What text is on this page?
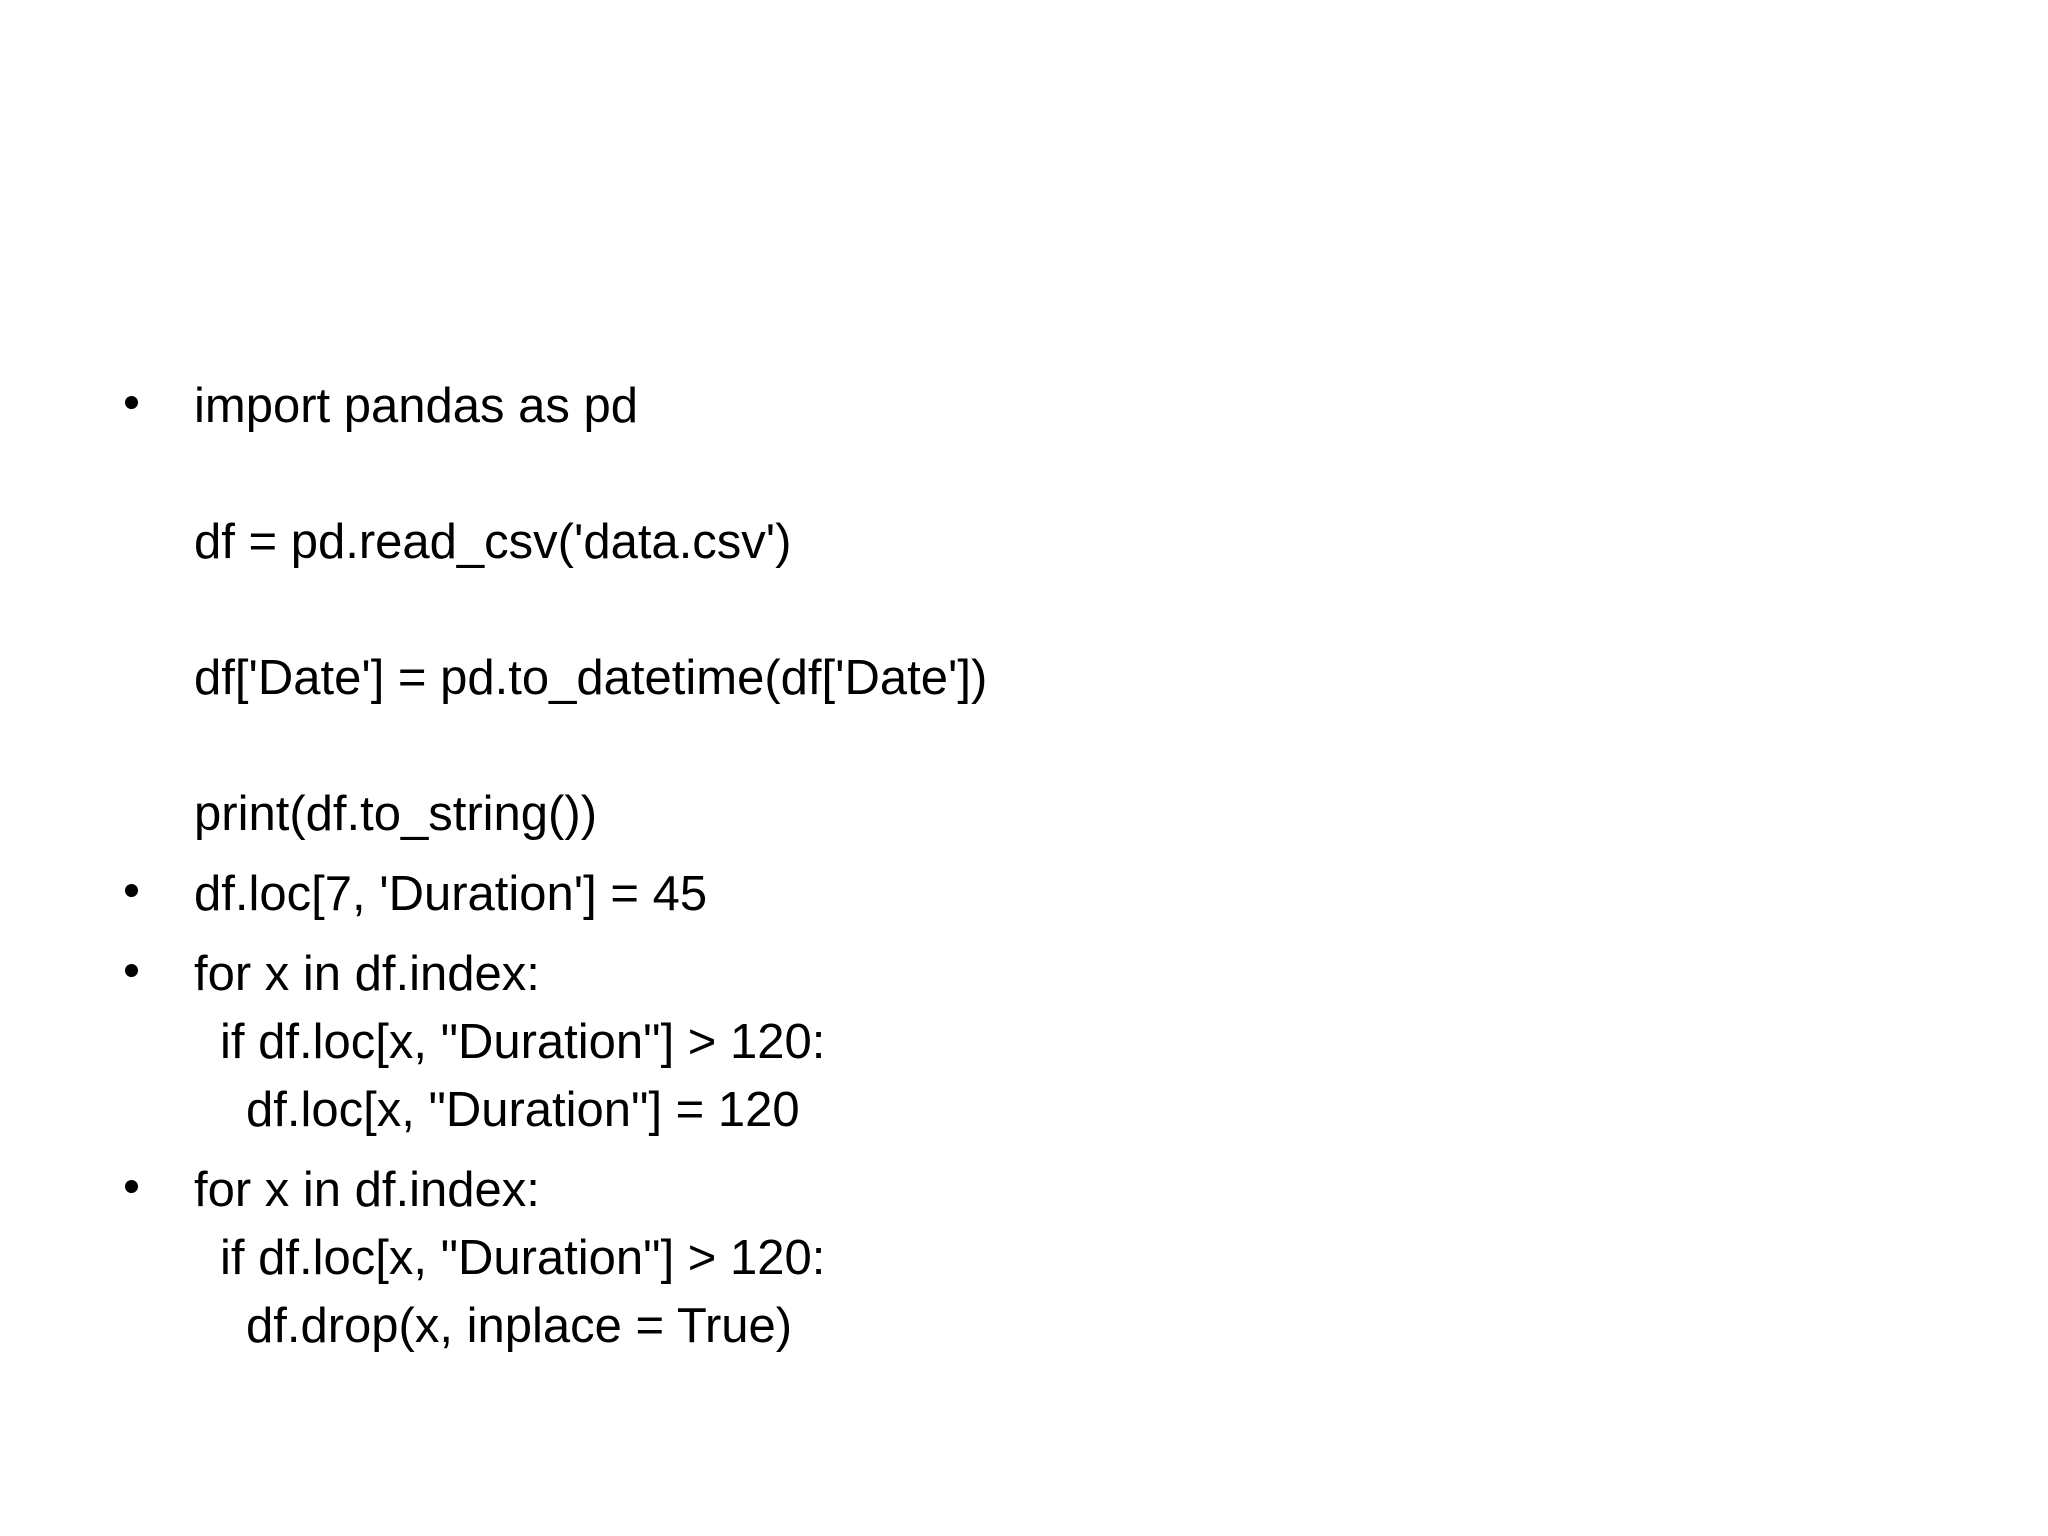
import pandas as pd
df = pd.read_csv('data.csv')
df['Date'] = pd.to_datetime(df['Date'])
print(df.to_string())
df.loc[7, 'Duration'] = 45
for x in df.index:
if df.loc[x, "Duration"] > 120:
df.loc[x, "Duration"] = 120
for x in df.index:
if df.loc[x, "Duration"] > 120:
df.drop(x, inplace = True)
